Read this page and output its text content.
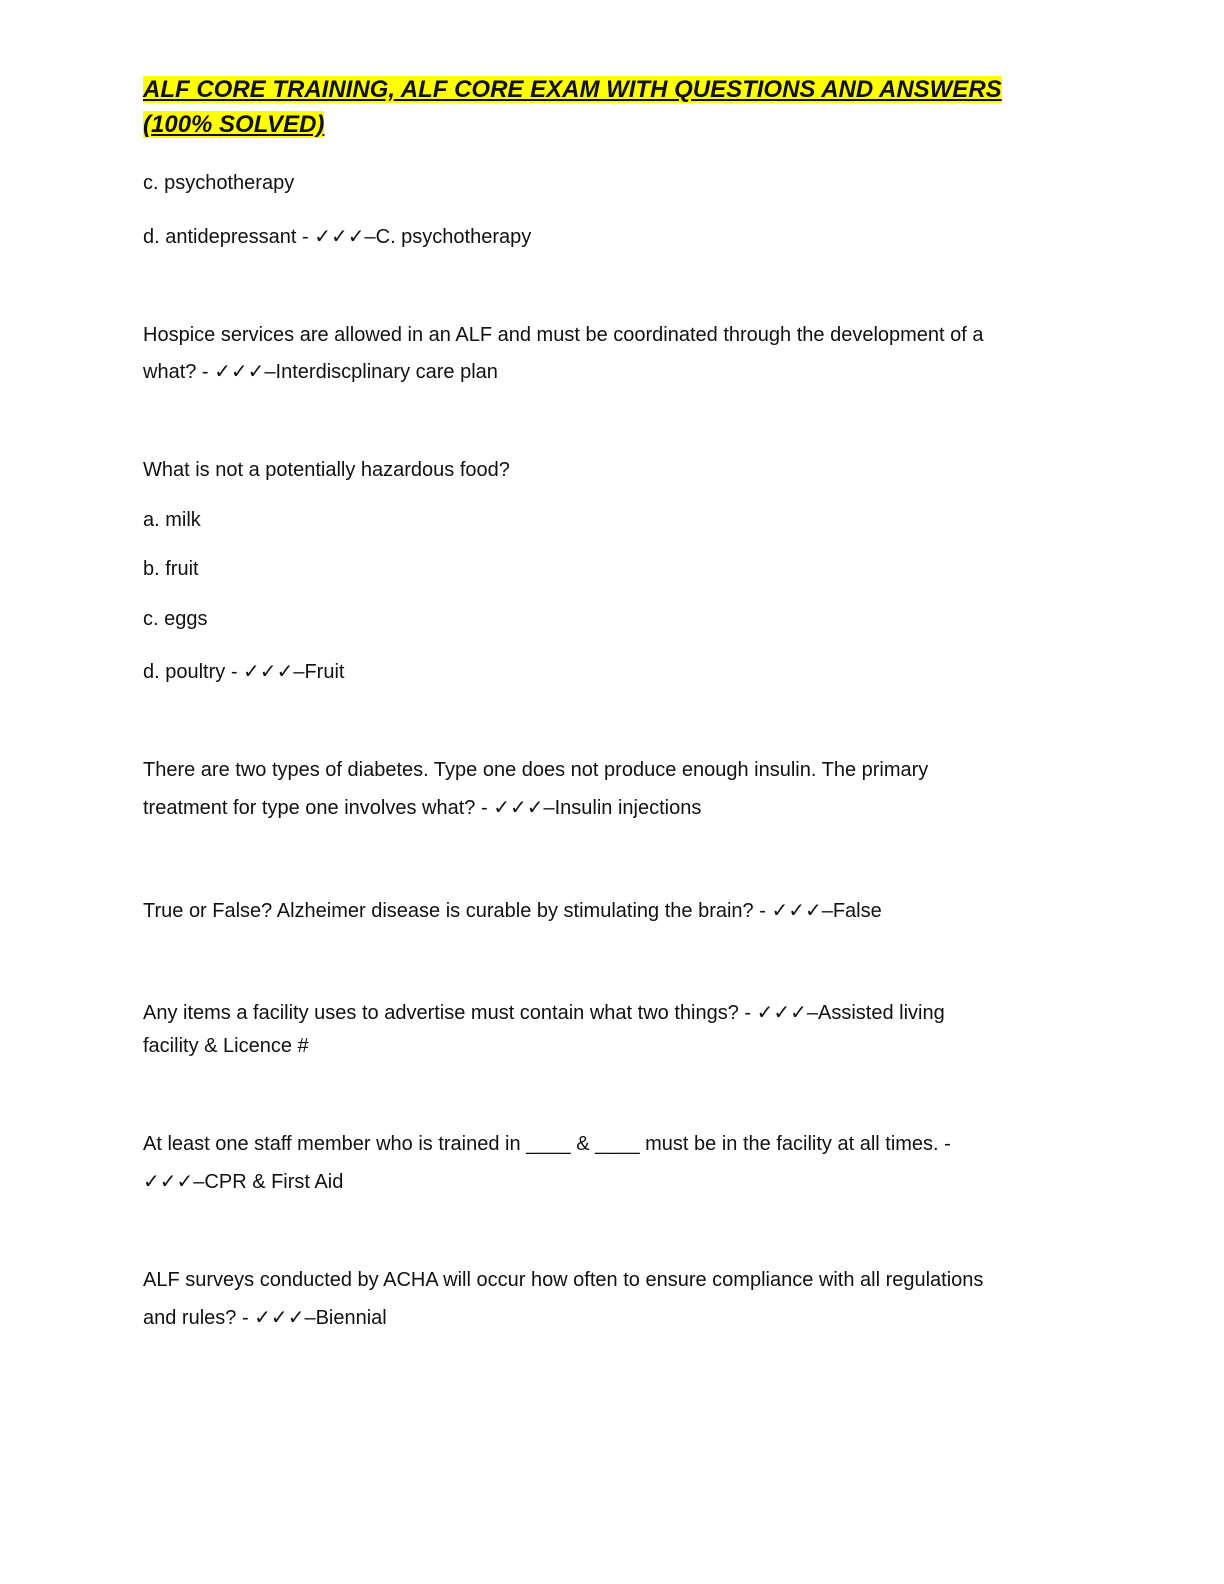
ALF CORE TRAINING, ALF CORE EXAM WITH QUESTIONS AND ANSWERS (100% SOLVED)

c. psychotherapy

d. antidepressant - ✓✓✓–C. psychotherapy

Hospice services are allowed in an ALF and must be coordinated through the development of a

what? - ✓✓✓–Interdiscplinary care plan

What is not a potentially hazardous food?

a. milk

b. fruit

c. eggs

d. poultry - ✓✓✓–Fruit

There are two types of diabetes. Type one does not produce enough insulin. The primary

treatment for type one involves what? - ✓✓✓–Insulin injections

True or False? Alzheimer disease is curable by stimulating the brain? - ✓✓✓–False

Any items a facility uses to advertise must contain what two things? - ✓✓✓–Assisted living

facility & Licence #

At least one staff member who is trained in ____ & ____ must be in the facility at all times. -

✓✓✓–CPR & First Aid

ALF surveys conducted by ACHA will occur how often to ensure compliance with all regulations

and rules? - ✓✓✓–Biennial
